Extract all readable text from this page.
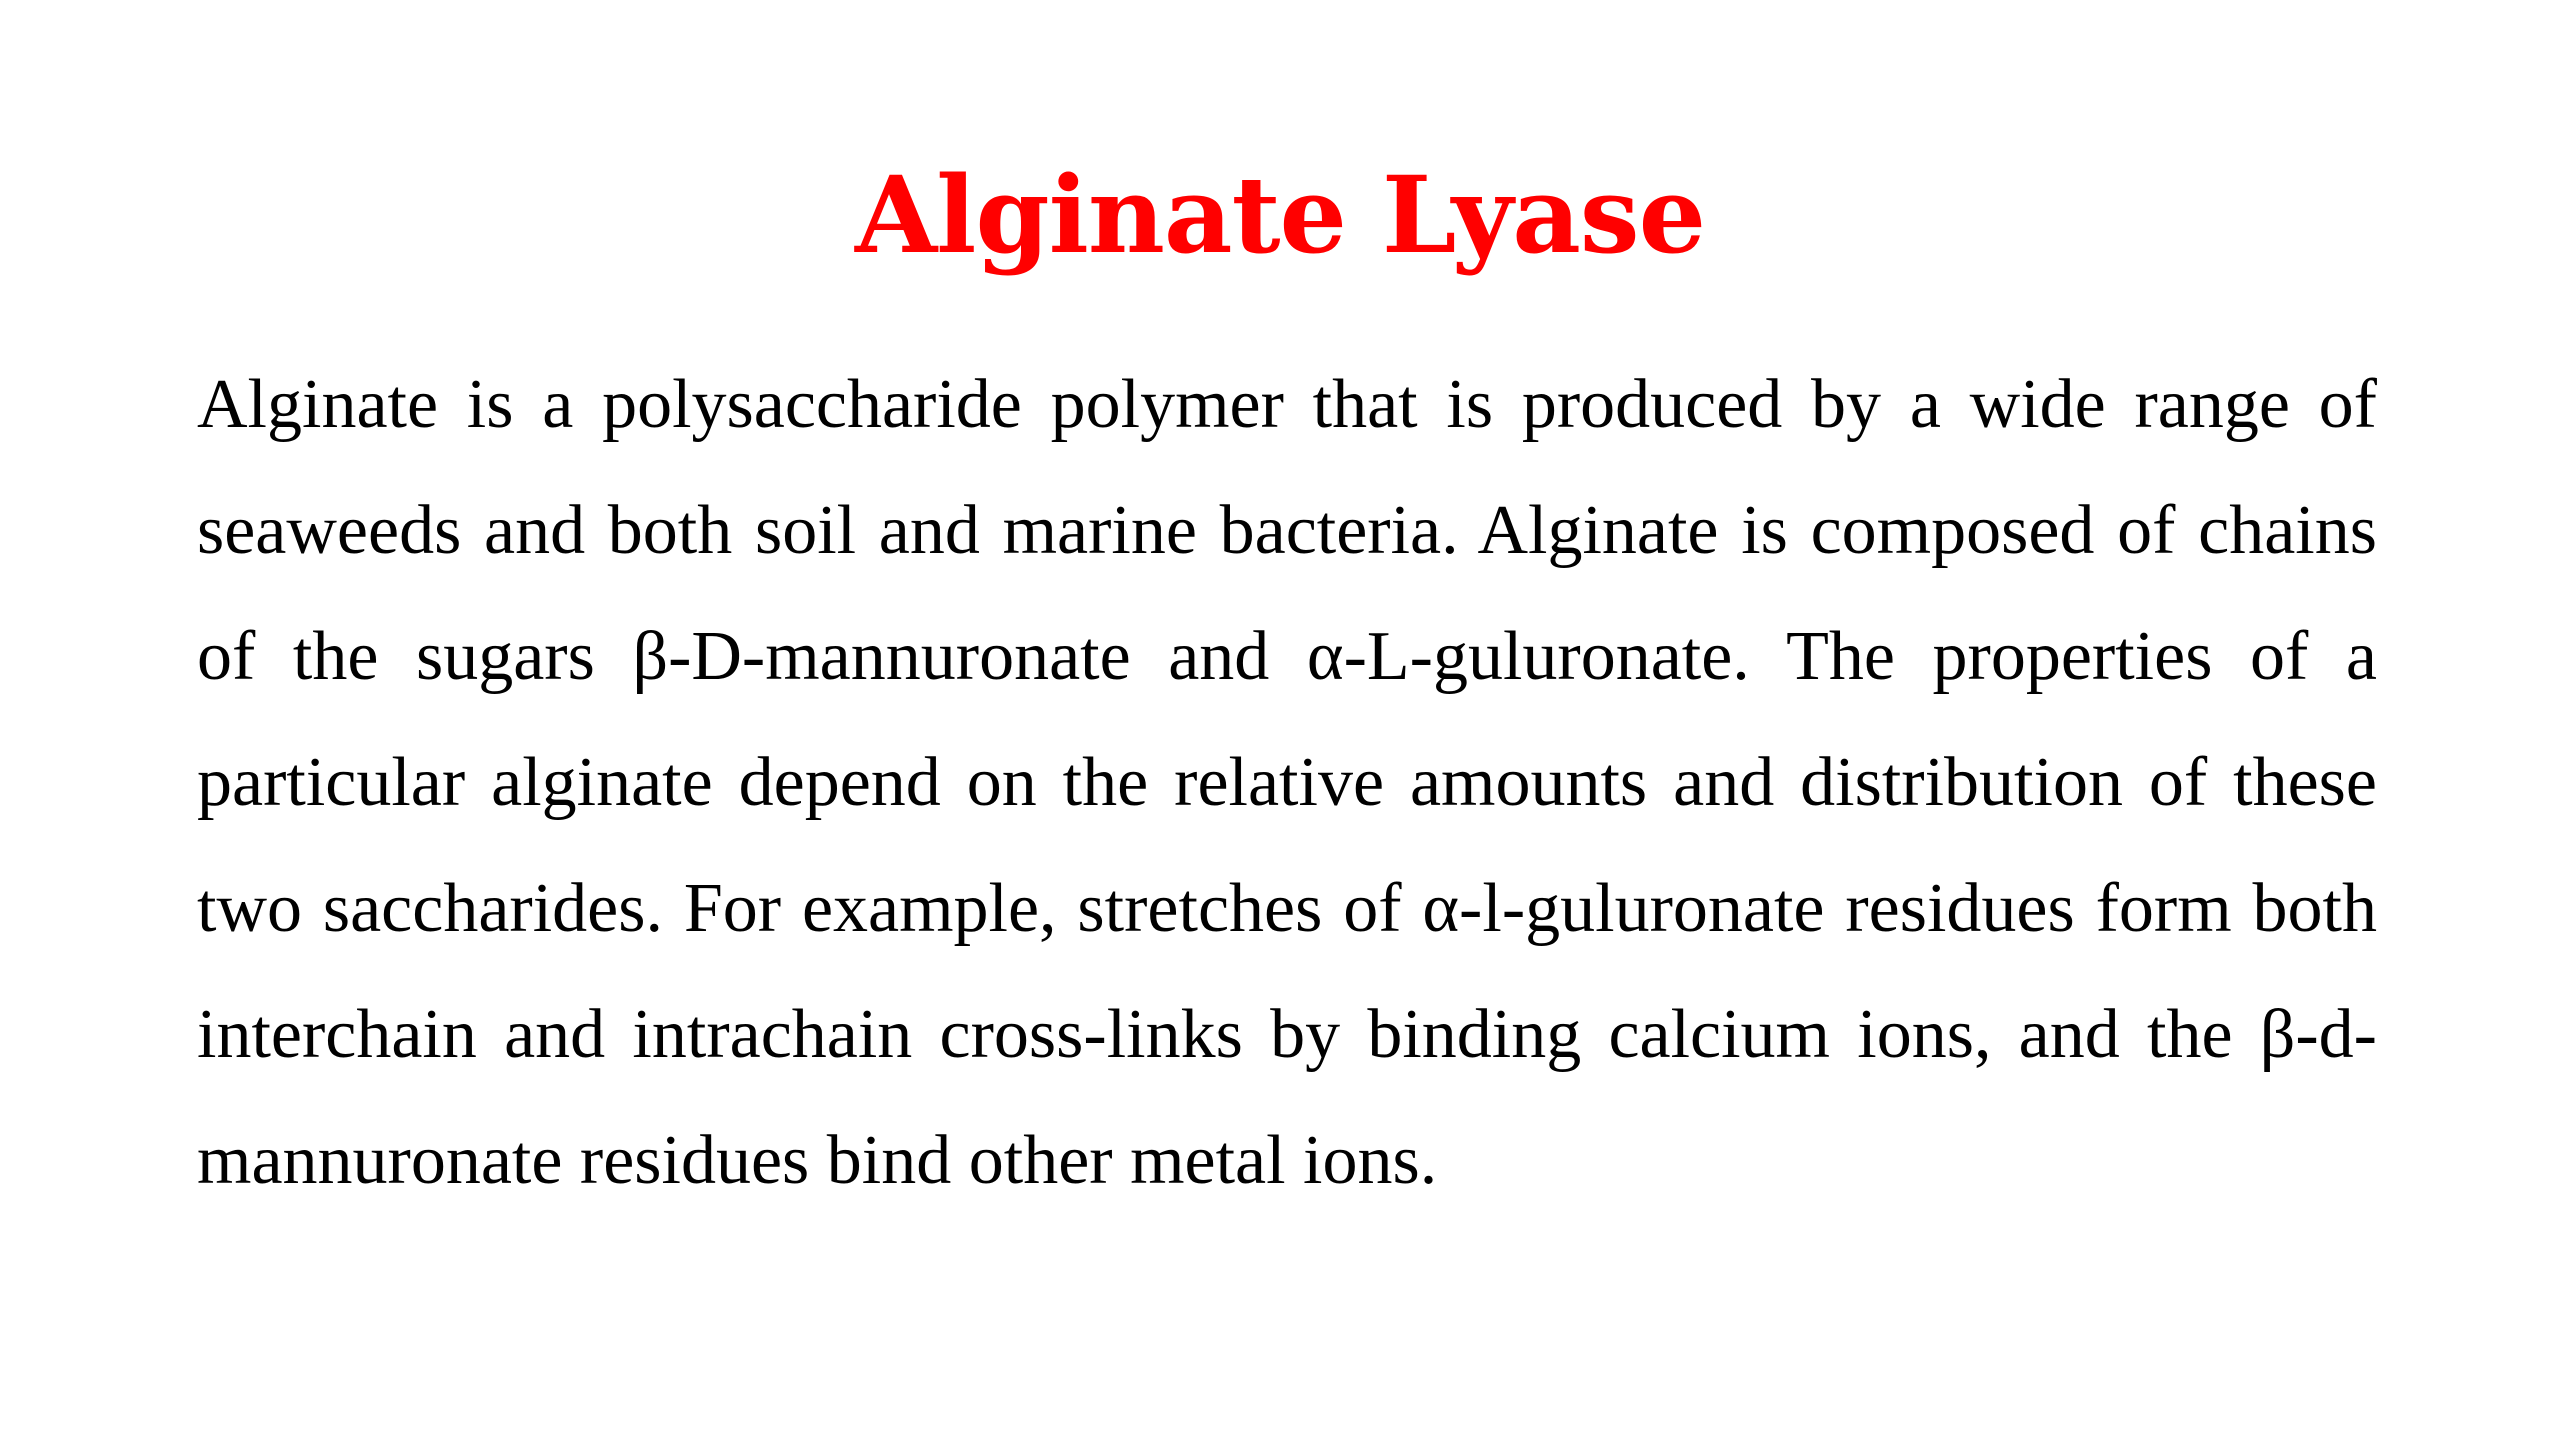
Alginate Lyase

Alginate is a polysaccharide polymer that is produced by a wide range of seaweeds and both soil and marine bacteria. Alginate is composed of chains of the sugars β-D-mannuronate and α-L-guluronate. The properties of a particular alginate depend on the relative amounts and distribution of these two saccharides. For example, stretches of α-l-guluronate residues form both interchain and intrachain cross-links by binding calcium ions, and the β-d-mannuronate residues bind other metal ions.
